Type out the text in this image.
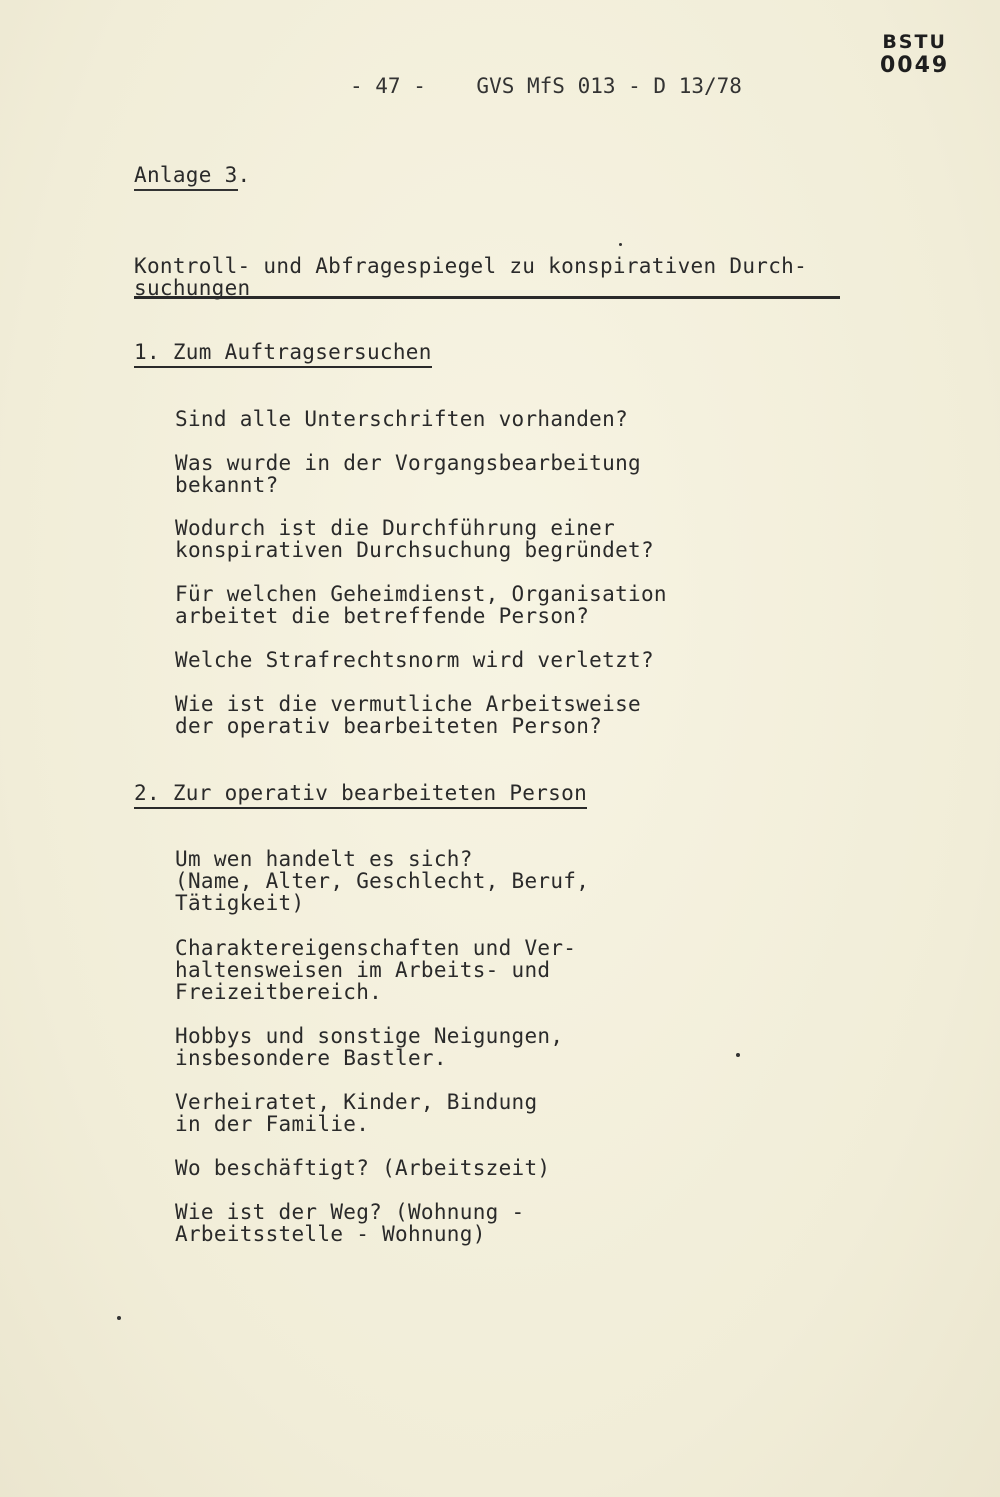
BSTU
0049
- 47 -    GVS MfS 013 - D 13/78
Anlage 3.
Kontroll- und Abfragespiegel zu konspirativen Durch-
suchungen
1. Zum Auftragsersuchen
Sind alle Unterschriften vorhanden?
Was wurde in der Vorgangsbearbeitung
bekannt?
Wodurch ist die Durchführung einer
konspirativen Durchsuchung begründet?
Für welchen Geheimdienst, Organisation
arbeitet die betreffende Person?
Welche Strafrechtsnorm wird verletzt?
Wie ist die vermutliche Arbeitsweise
der operativ bearbeiteten Person?
2. Zur operativ bearbeiteten Person
Um wen handelt es sich?
(Name, Alter, Geschlecht, Beruf,
Tätigkeit)
Charaktereigenschaften und Ver-
haltensweisen im Arbeits- und
Freizeitbereich.
Hobbys und sonstige Neigungen,
insbesondere Bastler.
Verheiratet, Kinder, Bindung
in der Familie.
Wo beschäftigt? (Arbeitszeit)
Wie ist der Weg? (Wohnung -
Arbeitsstelle - Wohnung)
